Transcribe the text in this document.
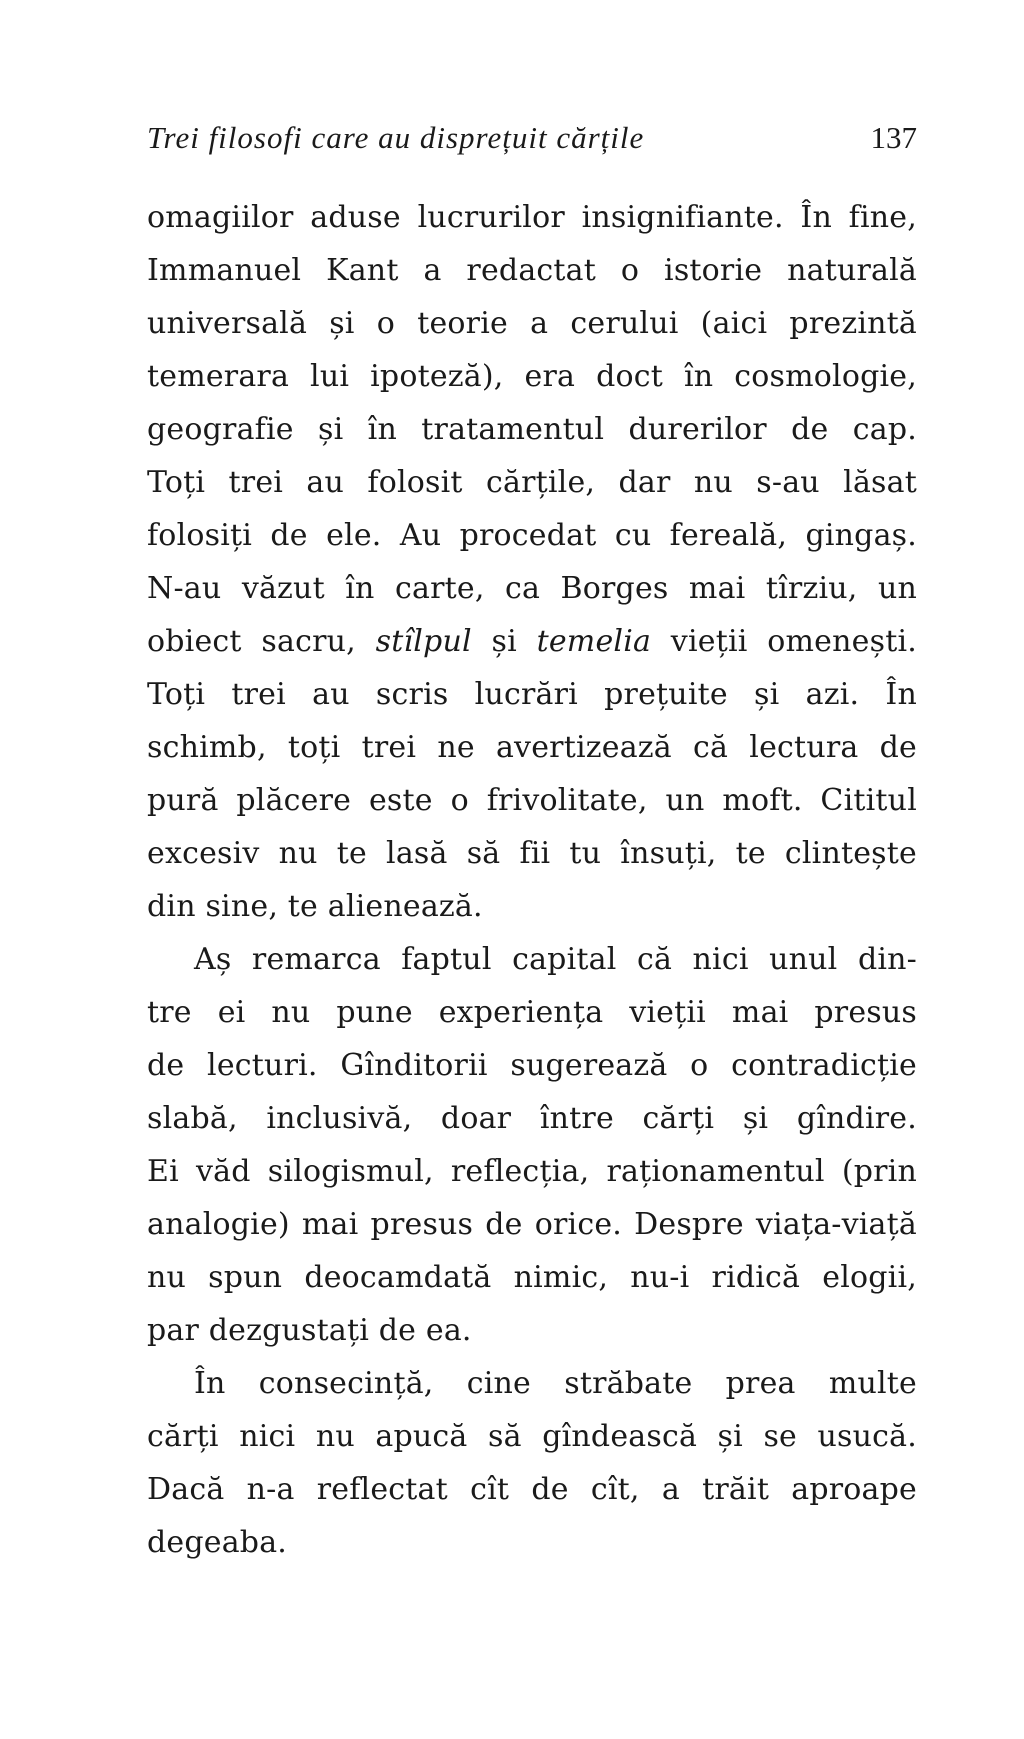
Trei filosofi care au disprețuit cărțile	137
omagiilor aduse lucrurilor insignifiante. În fine,
Immanuel Kant a redactat o istorie naturală
universală și o teorie a cerului (aici prezintă
temerara lui ipoteză), era doct în cosmologie,
geografie și în tratamentul durerilor de cap.
Toți trei au folosit cărțile, dar nu s-au lăsat
folosiți de ele. Au procedat cu fereală, gingaș.
N-au văzut în carte, ca Borges mai tîrziu, un
obiect sacru, stîlpul și temelia vieții omenești.
Toți trei au scris lucrări prețuite și azi. În
schimb, toți trei ne avertizează că lectura de
pură plăcere este o frivolitate, un moft. Cititul
excesiv nu te lasă să fii tu însuți, te clintește
din sine, te alienează.
Aș remarca faptul capital că nici unul din-
tre ei nu pune experiența vieții mai presus
de lecturi. Gînditorii sugerează o contradicție
slabă, inclusivă, doar între cărți și gîndire.
Ei văd silogismul, reflecția, raționamentul (prin
analogie) mai presus de orice. Despre viața-viață
nu spun deocamdată nimic, nu-i ridică elogii,
par dezgustați de ea.
În consecință, cine străbate prea multe
cărți nici nu apucă să gîndească și se usucă.
Dacă n-a reflectat cît de cît, a trăit aproape
degeaba.
